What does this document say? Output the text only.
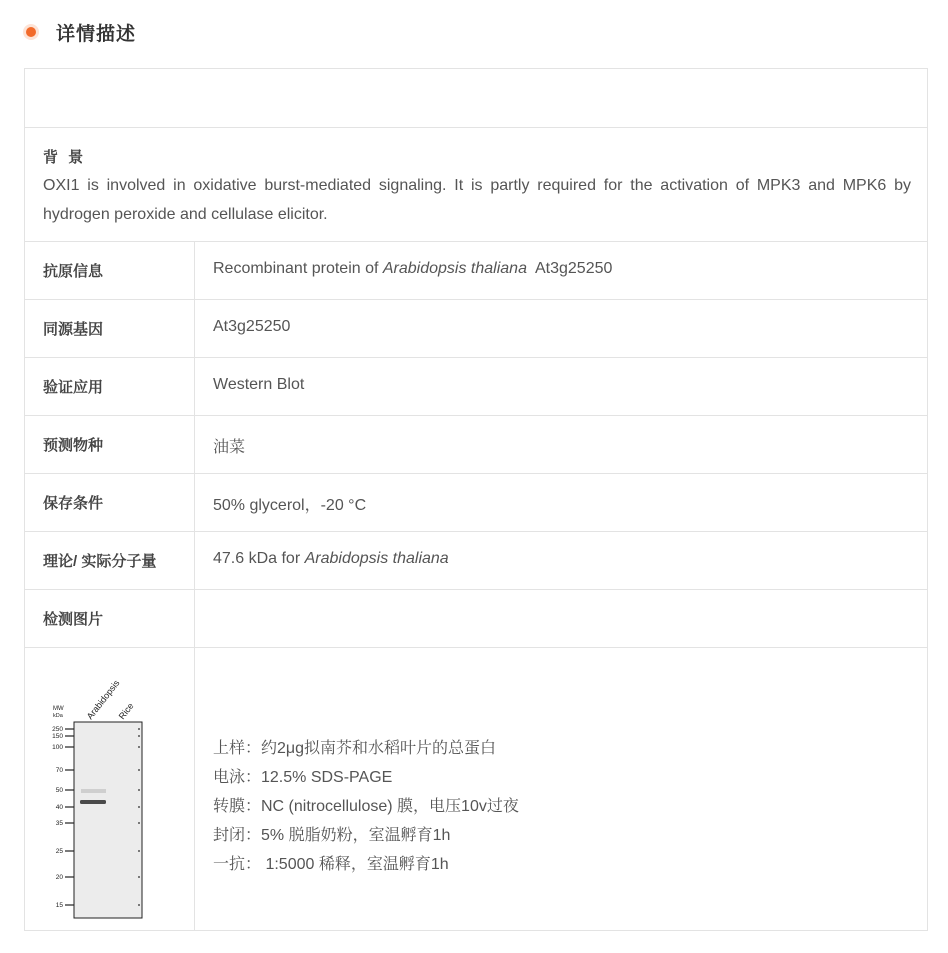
详情描述
背 景
OXI1 is involved in oxidative burst-mediated signaling. It is partly required for the activation of MPK3 and MPK6 by hydrogen peroxide and cellulase elicitor.
抗原信息	Recombinant protein of Arabidopsis thaliana  At3g25250
同源基因	At3g25250
验证应用	Western Blot
预测物种	油菜
保存条件	50% glycerol，-20 °C
理论/ 实际分子量	47.6 kDa for Arabidopsis thaliana
检测图片
MW
kDa Arabidopsis
Rice
250
150
100
70
50
40
35
25
20
15
上样：约2μg拟南芥和水稻叶片的总蛋白
电泳：12.5% SDS-PAGE
转膜：NC (nitrocellulose) 膜，电压10v过夜
封闭：5% 脱脂奶粉，室温孵育1h
一抗： 1:5000 稀释，室温孵育1h
